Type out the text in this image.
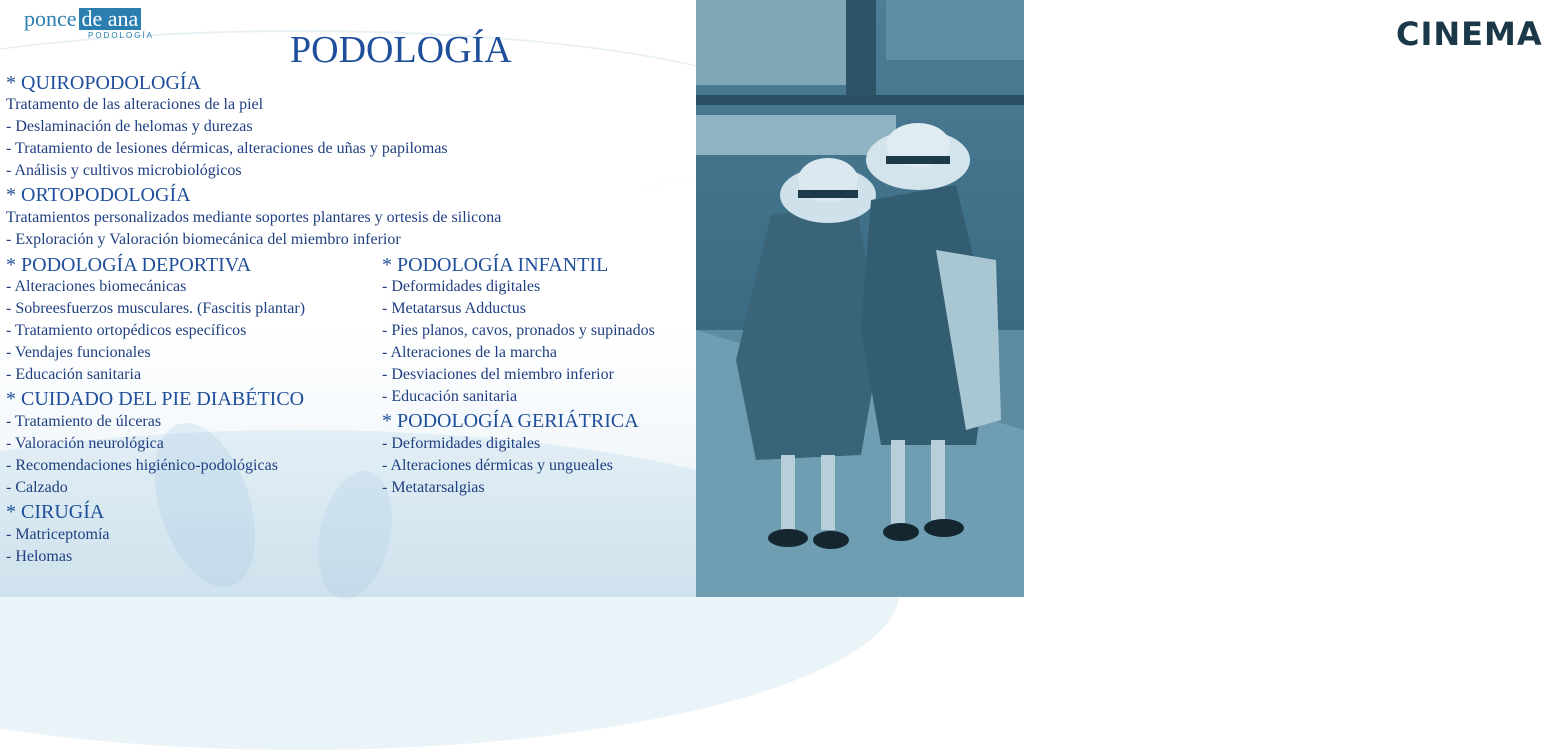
ponce de ana
PODOLOGÍA	PODOLOGÍA
* QUIROPODOLOGÍA
Tratamento de las alteraciones de la piel
- Deslaminación de helomas y durezas
- Tratamiento de lesiones dérmicas, alteraciones de uñas y papilomas
- Análisis y cultivos microbiológicos
* ORTOPODOLOGÍA
Tratamientos personalizados mediante soportes plantares y ortesis de silicona
- Exploración y Valoración biomecánica del miembro inferior
* PODOLOGÍA DEPORTIVA
- Alteraciones biomecánicas
- Sobreesfuerzos musculares. (Fascitis plantar)
- Tratamiento ortopédicos específicos
- Vendajes funcionales
- Educación sanitaria
* CUIDADO DEL PIE DIABÉTICO
- Tratamiento de úlceras
- Valoración neurológica
- Recomendaciones higiénico-podológicas
- Calzado
* CIRUGÍA
- Matriceptomía
- Helomas
* PODOLOGÍA INFANTIL
- Deformidades digitales
- Metatarsus Adductus
- Pies planos, cavos, pronados y supinados
- Alteraciones de la marcha
- Desviaciones del miembro inferior
- Educación sanitaria
* PODOLOGÍA GERIÁTRICA
- Deformidades digitales
- Alteraciones dérmicas y ungueales
- Metatarsalgias
CINEMA
